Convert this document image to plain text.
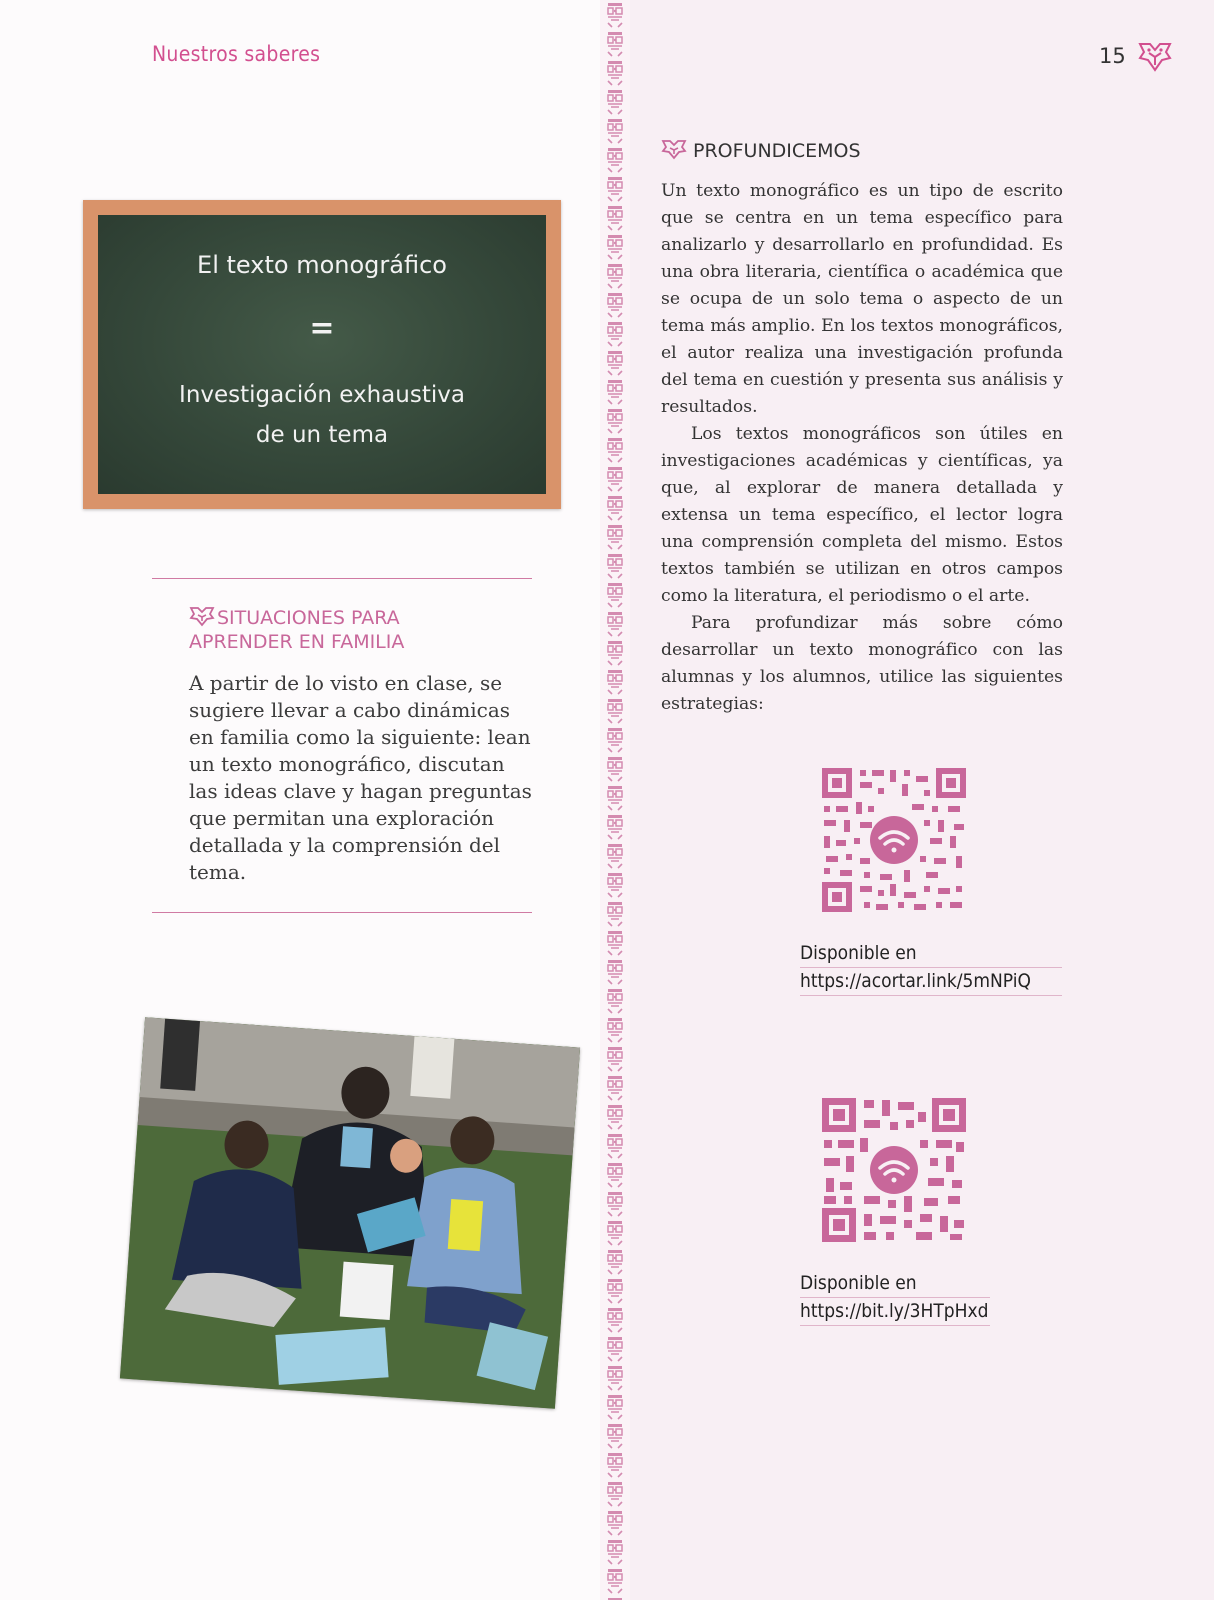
Nuestros saberes	15
El texto monográfico
=
Investigación exhaustiva
de un tema
SITUACIONES PARA
APRENDER EN FAMILIA
A partir de lo visto en clase, se sugiere llevar a cabo dinámicas en familia como la siguiente: lean un texto monográfico, discutan las ideas clave y hagan preguntas que permitan una exploración detallada y la comprensión del tema.
PROFUNDICEMOS

Un texto monográfico es un tipo de escrito que se centra en un tema específico para analizarlo y desarrollarlo en profundidad. Es una obra literaria, científica o académica que se ocupa de un solo tema o aspecto de un tema más amplio. En los textos monográficos, el autor realiza una investigación profunda del tema en cuestión y presenta sus análisis y resultados.

Los textos monográficos son útiles en investigaciones académicas y científicas, ya que, al explorar de manera detallada y extensa un tema específico, el lector logra una comprensión completa del mismo. Estos textos también se utilizan en otros campos como la literatura, el periodismo o el arte.

Para profundizar más sobre cómo desarrollar un texto monográfico con las alumnas y los alumnos, utilice las siguientes estrategias:

Disponible en
https://acortar.link/5mNPiQ
Disponible en
https://bit.ly/3HTpHxd
